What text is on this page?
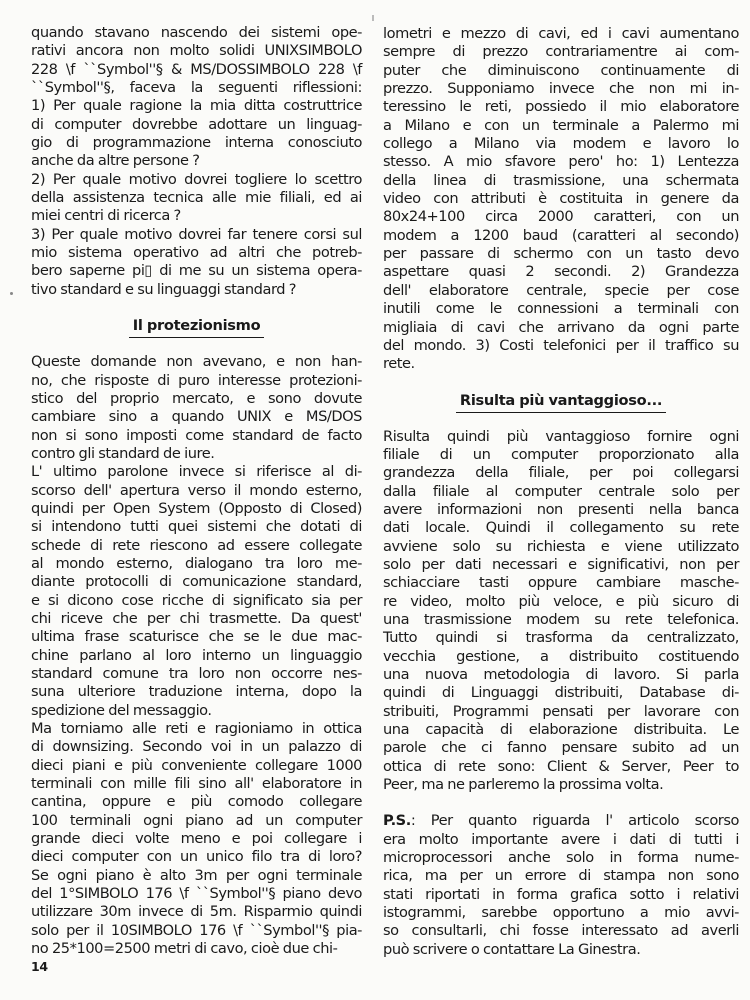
quando stavano nascendo dei sistemi ope-
rativi ancora non molto solidi UNIXSIMBOLO
228 \f ``Symbol''§ & MS/DOSSIMBOLO 228 \f
``Symbol''§, faceva la seguenti riflessioni:
1) Per quale ragione la mia ditta costruttrice
di computer dovrebbe adottare un linguag-
gio di programmazione interna conosciuto
anche da altre persone ?
2) Per quale motivo dovrei togliere lo scettro
della assistenza tecnica alle mie filiali, ed ai
miei centri di ricerca ?
3) Per quale motivo dovrei far tenere corsi sul
mio sistema operativo ad altri che potreb-
bero saperne pi▯ di me su un sistema opera-
tivo standard e su linguaggi standard ?
Il protezionismo
Queste domande non avevano, e non han-
no, che risposte di puro interesse protezioni-
stico del proprio mercato, e sono dovute
cambiare sino a quando UNIX e MS/DOS
non si sono imposti come standard de facto
contro gli standard de iure.
L' ultimo parolone invece si riferisce al di-
scorso dell' apertura verso il mondo esterno,
quindi per Open System (Opposto di Closed)
si intendono tutti quei sistemi che dotati di
schede di rete riescono ad essere collegate
al mondo esterno, dialogano tra loro me-
diante protocolli di comunicazione standard,
e si dicono cose ricche di significato sia per
chi riceve che per chi trasmette. Da quest'
ultima frase scaturisce che se le due mac-
chine parlano al loro interno un linguaggio
standard comune tra loro non occorre nes-
suna ulteriore traduzione interna, dopo la
spedizione del messaggio.
Ma torniamo alle reti e ragioniamo in ottica
di downsizing. Secondo voi in un palazzo di
dieci piani e più conveniente collegare 1000
terminali con mille fili sino all' elaboratore in
cantina, oppure e più comodo collegare
100 terminali ogni piano ad un computer
grande dieci volte meno e poi collegare i
dieci computer con un unico filo tra di loro?
Se ogni piano è alto 3m per ogni terminale
del 1°SIMBOLO 176 \f ``Symbol''§ piano devo
utilizzare 30m invece di 5m. Risparmio quindi
solo per il 10SIMBOLO 176 \f ``Symbol''§ pia-
no 25*100=2500 metri di cavo, cioè due chi-
lometri e mezzo di cavi, ed i cavi aumentano
sempre di prezzo contrariamentre ai com-
puter che diminuiscono continuamente di
prezzo. Supponiamo invece che non mi in-
teressino le reti, possiedo il mio elaboratore
a Milano e con un terminale a Palermo mi
collego a Milano via modem e lavoro lo
stesso. A mio sfavore pero' ho: 1) Lentezza
della linea di trasmissione, una schermata
video con attributi è costituita in genere da
80x24+100 circa 2000 caratteri, con un
modem a 1200 baud (caratteri al secondo)
per passare di schermo con un tasto devo
aspettare quasi 2 secondi. 2) Grandezza
dell' elaboratore centrale, specie per cose
inutili come le connessioni a terminali con
migliaia di cavi che arrivano da ogni parte
del mondo. 3) Costi telefonici per il traffico su
rete.
Risulta più vantaggioso...
Risulta quindi più vantaggioso fornire ogni
filiale di un computer proporzionato alla
grandezza della filiale, per poi collegarsi
dalla filiale al computer centrale solo per
avere informazioni non presenti nella banca
dati locale. Quindi il collegamento su rete
avviene solo su richiesta e viene utilizzato
solo per dati necessari e significativi, non per
schiacciare tasti oppure cambiare masche-
re video, molto più veloce, e più sicuro di
una trasmissione modem su rete telefonica.
Tutto quindi si trasforma da centralizzato,
vecchia gestione, a distribuito costituendo
una nuova metodologia di lavoro. Si parla
quindi di Linguaggi distribuiti, Database di-
stribuiti, Programmi pensati per lavorare con
una capacità di elaborazione distribuita. Le
parole che ci fanno pensare subito ad un
ottica di rete sono: Client & Server, Peer to
Peer, ma ne parleremo la prossima volta.
P.S.: Per quanto riguarda l' articolo scorso
era molto importante avere i dati di tutti i
microprocessori anche solo in forma nume-
rica, ma per un errore di stampa non sono
stati riportati in forma grafica sotto i relativi
istogrammi, sarebbe opportuno a mio avvi-
so consultarli, chi fosse interessato ad averli
può scrivere o contattare La Ginestra.
14
